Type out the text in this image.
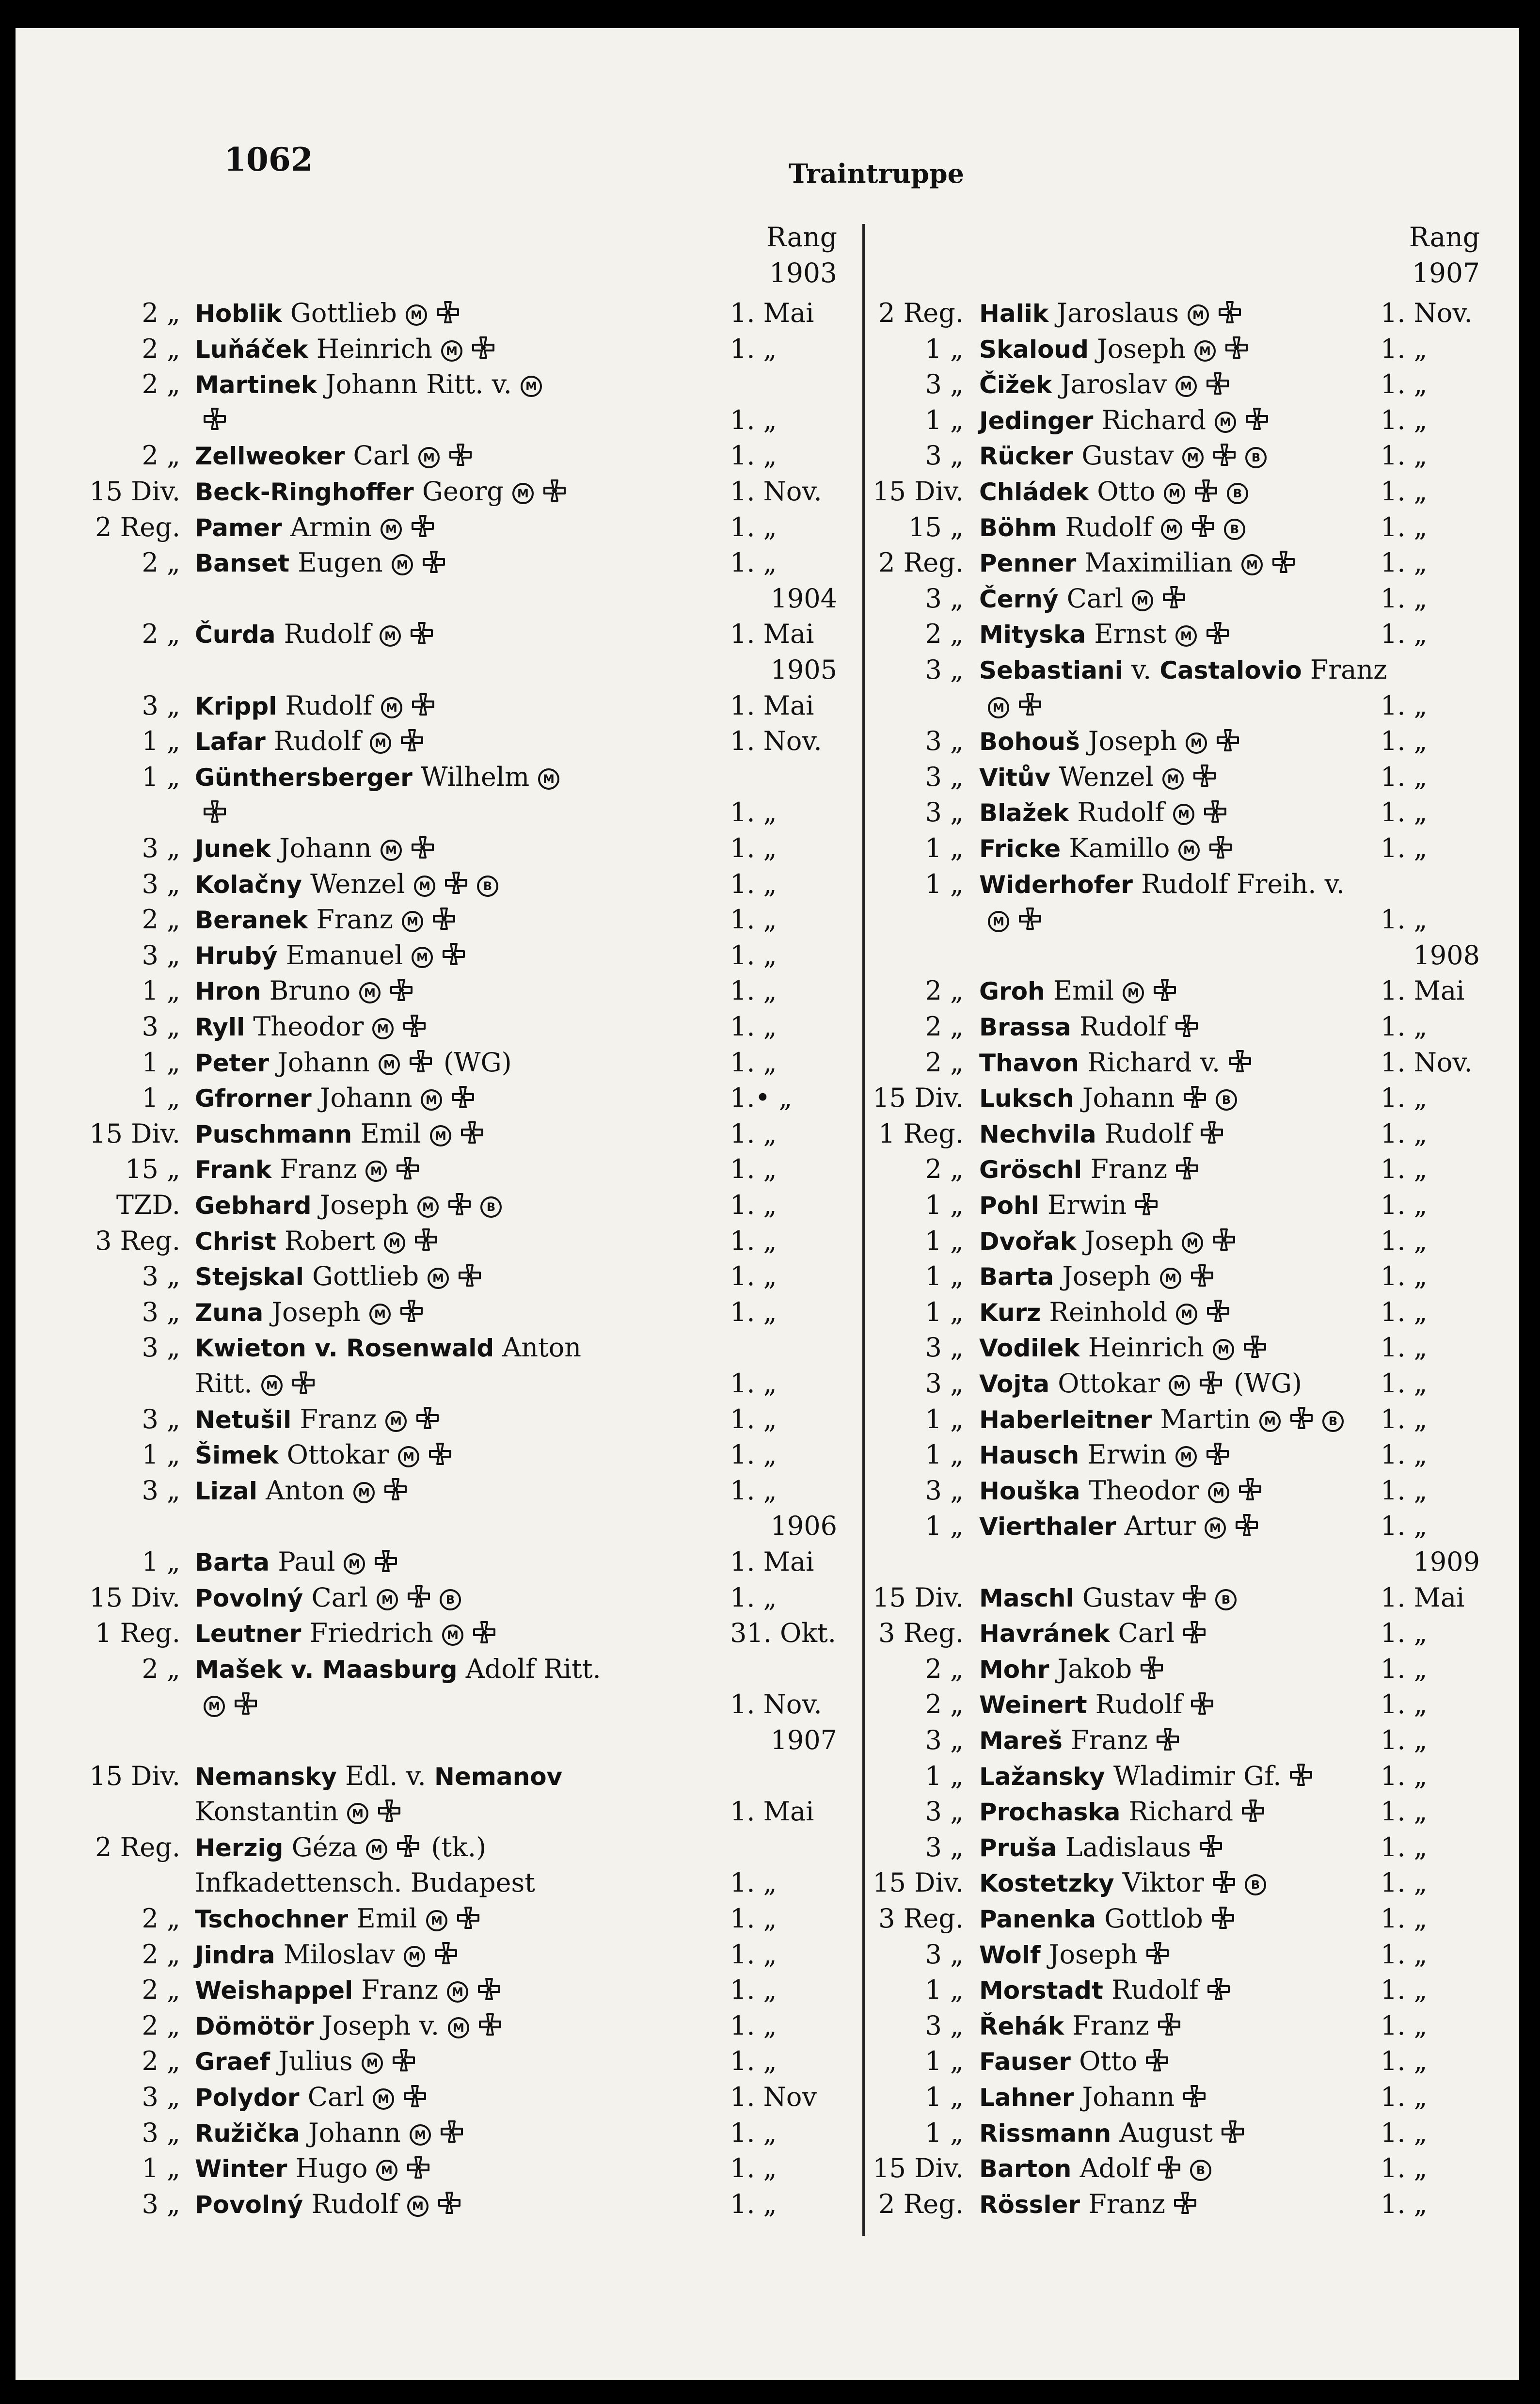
1062	Traintruppe
Rang
1903
2 „ Hoblik Gottlieb M	1. Mai
2 „ Luňáček Heinrich M	1. „
2 „ Martinek Johann Ritt. v. M
1. „
2 „ Zellweoker Carl M	1. „
15 Div. Beck-Ringhoffer Georg M	1. Nov.
2 Reg. Pamer Armin M	1. „
2 „ Banset Eugen M	1. „
1904
2 „ Čurda Rudolf M	1. Mai
1905
3 „ Krippl Rudolf M	1. Mai
1 „ Lafar Rudolf M	1. Nov.
1 „ Günthersberger Wilhelm M
1. „
3 „ Junek Johann M	1. „
3 „ Kolačny Wenzel M	B	1. „
2 „ Beranek Franz M	1. „
3 „ Hrubý Emanuel M	1. „
1 „ Hron Bruno M	1. „
3 „ Ryll Theodor M	1. „
1 „ Peter Johann M (WG)	1. „
1 „ Gfrorner Johann M	1.• „
15 Div. Puschmann Emil M	1. „
15 „ Frank Franz M	1. „
TZD. Gebhard Joseph M	B	1. „
3 Reg. Christ Robert M	1. „
3 „ Stejskal Gottlieb M	1. „
3 „ Zuna Joseph M	1. „
3 „ Kwieton v. Rosenwald Anton
Ritt. M	1. „
3 „ Netušil Franz M	1. „
1 „ Šimek Ottokar M	1. „
3 „ Lizal Anton M	1. „
1906
1 „ Barta Paul M	1. Mai
15 Div. Povolný Carl M	B	1. „
1 Reg. Leutner Friedrich M	31. Okt.
2 „ Mašek v. Maasburg Adolf Ritt.
M	1. Nov.
1907
15 Div. Nemansky Edl. v. Nemanov
Konstantin M	1. Mai
2 Reg. Herzig Géza M (tk.)
Infkadettensch. Budapest	1. „
2 „ Tschochner Emil M	1. „
2 „ Jindra Miloslav M	1. „
2 „ Weishappel Franz M	1. „
2 „ Dömötör Joseph v. M	1. „
2 „ Graef Julius M	1. „
3 „ Polydor Carl M	1. Nov
3 „ Ružička Johann M	1. „
1 „ Winter Hugo M	1. „
3 „ Povolný Rudolf M	1. „
Rang
1907
2 Reg. Halik Jaroslaus M	1. Nov.
1 „ Skaloud Joseph M	1. „
3 „ Čižek Jaroslav M	1. „
1 „ Jedinger Richard M	1. „
3 „ Rücker Gustav M	B	1. „
15 Div. Chládek Otto M	B	1. „
15 „ Böhm Rudolf M	B	1. „
2 Reg. Penner Maximilian M	1. „
3 „ Černý Carl M	1. „
2 „ Mityska Ernst M	1. „
3 „ Sebastiani v. Castalovio Franz
M	1. „
3 „ Bohouš Joseph M	1. „
3 „ Vitův Wenzel M	1. „
3 „ Blažek Rudolf M	1. „
1 „ Fricke Kamillo M	1. „
1 „ Widerhofer Rudolf Freih. v.
M	1. „
1908
2 „ Groh Emil M	1. Mai
2 „ Brassa Rudolf	1. „
2 „ Thavon Richard v.	1. Nov.
15 Div. Luksch Johann	B	1. „
1 Reg. Nechvila Rudolf	1. „
2 „ Gröschl Franz	1. „
1 „ Pohl Erwin	1. „
1 „ Dvořak Joseph M	1. „
1 „ Barta Joseph M	1. „
1 „ Kurz Reinhold M	1. „
3 „ Vodilek Heinrich M	1. „
3 „ Vojta Ottokar M (WG)	1. „
1 „ Haberleitner Martin M	B 1. „
1 „ Hausch Erwin M	1. „
3 „ Houška Theodor M	1. „
1 „ Vierthaler Artur M	1. „
1909
15 Div. Maschl Gustav	B	1. Mai
3 Reg. Havránek Carl	1. „
2 „ Mohr Jakob	1. „
2 „ Weinert Rudolf	1. „
3 „ Mareš Franz	1. „
1 „ Lažansky Wladimir Gf.	1. „
3 „ Prochaska Richard	1. „
3 „ Pruša Ladislaus	1. „
15 Div. Kostetzky Viktor	B	1. „
3 Reg. Panenka Gottlob	1. „
3 „ Wolf Joseph	1. „
1 „ Morstadt Rudolf	1. „
3 „ Řehák Franz	1. „
1 „ Fauser Otto	1. „
1 „ Lahner Johann	1. „
1 „ Rissmann August	1. „
15 Div. Barton Adolf	B	1. „
2 Reg. Rössler Franz	1. „
